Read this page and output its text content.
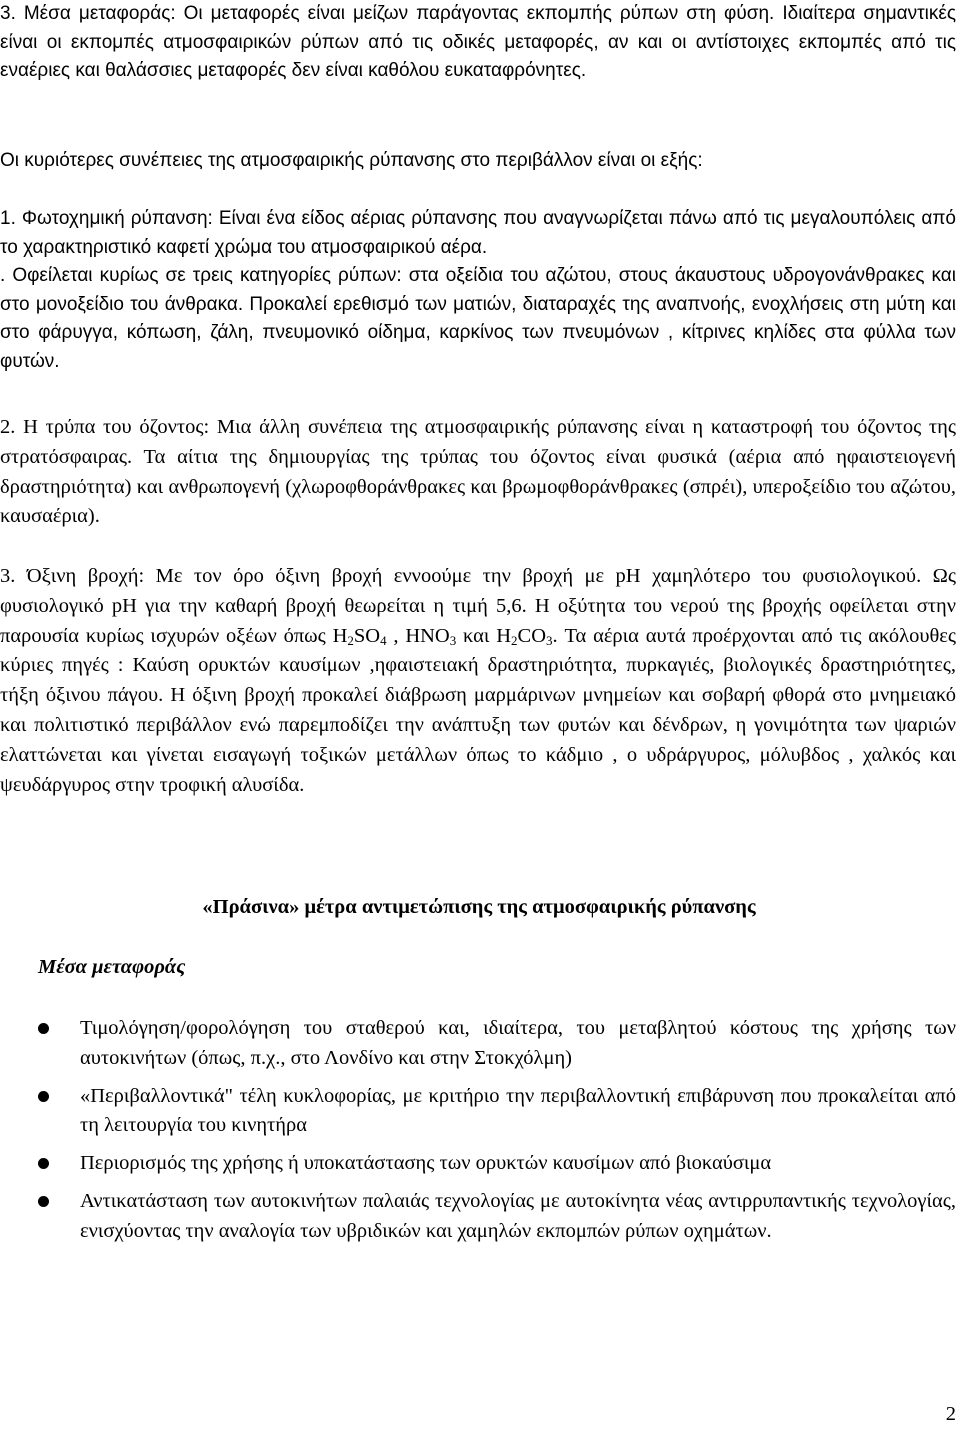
3. Μέσα μεταφοράς: Οι μεταφορές είναι μείζων παράγοντας εκπομπής ρύπων στη φύση. Ιδιαίτερα σημαντικές είναι οι εκπομπές ατμοσφαιρικών ρύπων από τις οδικές μεταφορές, αν και οι αντίστοιχες εκπομπές από τις εναέριες και θαλάσσιες μεταφορές δεν είναι καθόλου ευκαταφρόνητες.

Οι κυριότερες συνέπειες της ατμοσφαιρικής ρύπανσης στο περιβάλλον είναι οι εξής:

1. Φωτοχημική ρύπανση: Είναι ένα είδος αέριας ρύπανσης που αναγνωρίζεται πάνω από τις μεγαλουπόλεις από το χαρακτηριστικό καφετί χρώμα του ατμοσφαιρικού αέρα.

. Οφείλεται κυρίως σε τρεις κατηγορίες ρύπων: στα οξείδια του αζώτου, στους άκαυστους υδρογονάνθρακες και στο μονοξείδιο του άνθρακα. Προκαλεί ερεθισμό των ματιών, διαταραχές της αναπνοής, ενοχλήσεις στη μύτη και στο φάρυγγα, κόπωση, ζάλη, πνευμονικό οίδημα, καρκίνος των πνευμόνων , κίτρινες κηλίδες στα φύλλα των φυτών.

2. Η τρύπα του όζοντος: Μια άλλη συνέπεια της ατμοσφαιρικής ρύπανσης είναι η καταστροφή του όζοντος της στρατόσφαιρας. Τα αίτια της δημιουργίας της τρύπας του όζοντος είναι φυσικά (αέρια από ηφαιστειογενή δραστηριότητα) και ανθρωπογενή (χλωροφθοράνθρακες και βρωμοφθοράνθρακες (σπρέι), υπεροξείδιο του αζώτου, καυσαέρια).

3. Όξινη βροχή: Με τον όρο όξινη βροχή εννοούμε την βροχή με pH χαμηλότερο του φυσιολογικού. Ως φυσιολογικό pH για την καθαρή βροχή θεωρείται η τιμή 5,6. Η οξύτητα του νερού της βροχής οφείλεται στην παρουσία κυρίως ισχυρών οξέων όπως $H_2SO_4$ , $HNO_3$ και $H_2CO_3$. Τα αέρια αυτά προέρχονται από τις ακόλουθες κύριες πηγές : Καύση ορυκτών καυσίμων ,ηφαιστειακή δραστηριότητα, πυρκαγιές, βιολογικές δραστηριότητες, τήξη όξινου πάγου. Η όξινη βροχή προκαλεί διάβρωση μαρμάρινων μνημείων και σοβαρή φθορά στο μνημειακό και πολιτιστικό περιβάλλον ενώ παρεμποδίζει την ανάπτυξη των φυτών και δένδρων, η γονιμότητα των ψαριών ελαττώνεται και γίνεται εισαγωγή τοξικών μετάλλων όπως το κάδμιο , ο υδράργυρος, μόλυβδος , χαλκός και ψευδάργυρος στην τροφική αλυσίδα.

«Πράσινα» μέτρα αντιμετώπισης της ατμοσφαιρικής ρύπανσης
Μέσα μεταφοράς
Τιμολόγηση/φορολόγηση του σταθερού και, ιδιαίτερα, του μεταβλητού κόστους της χρήσης των αυτοκινήτων (όπως, π.χ., στο Λονδίνο και στην Στοκχόλμη)
«Περιβαλλοντικά" τέλη κυκλοφορίας, με κριτήριο την περιβαλλοντική επιβάρυνση που προκαλείται από τη λειτουργία του κινητήρα
Περιορισμός της χρήσης ή υποκατάστασης των ορυκτών καυσίμων από βιοκαύσιμα
Αντικατάσταση των αυτοκινήτων παλαιάς τεχνολογίας με αυτοκίνητα νέας αντιρρυπαντικής τεχνολογίας, ενισχύοντας την αναλογία των υβριδικών και χαμηλών εκπομπών ρύπων οχημάτων.
2
